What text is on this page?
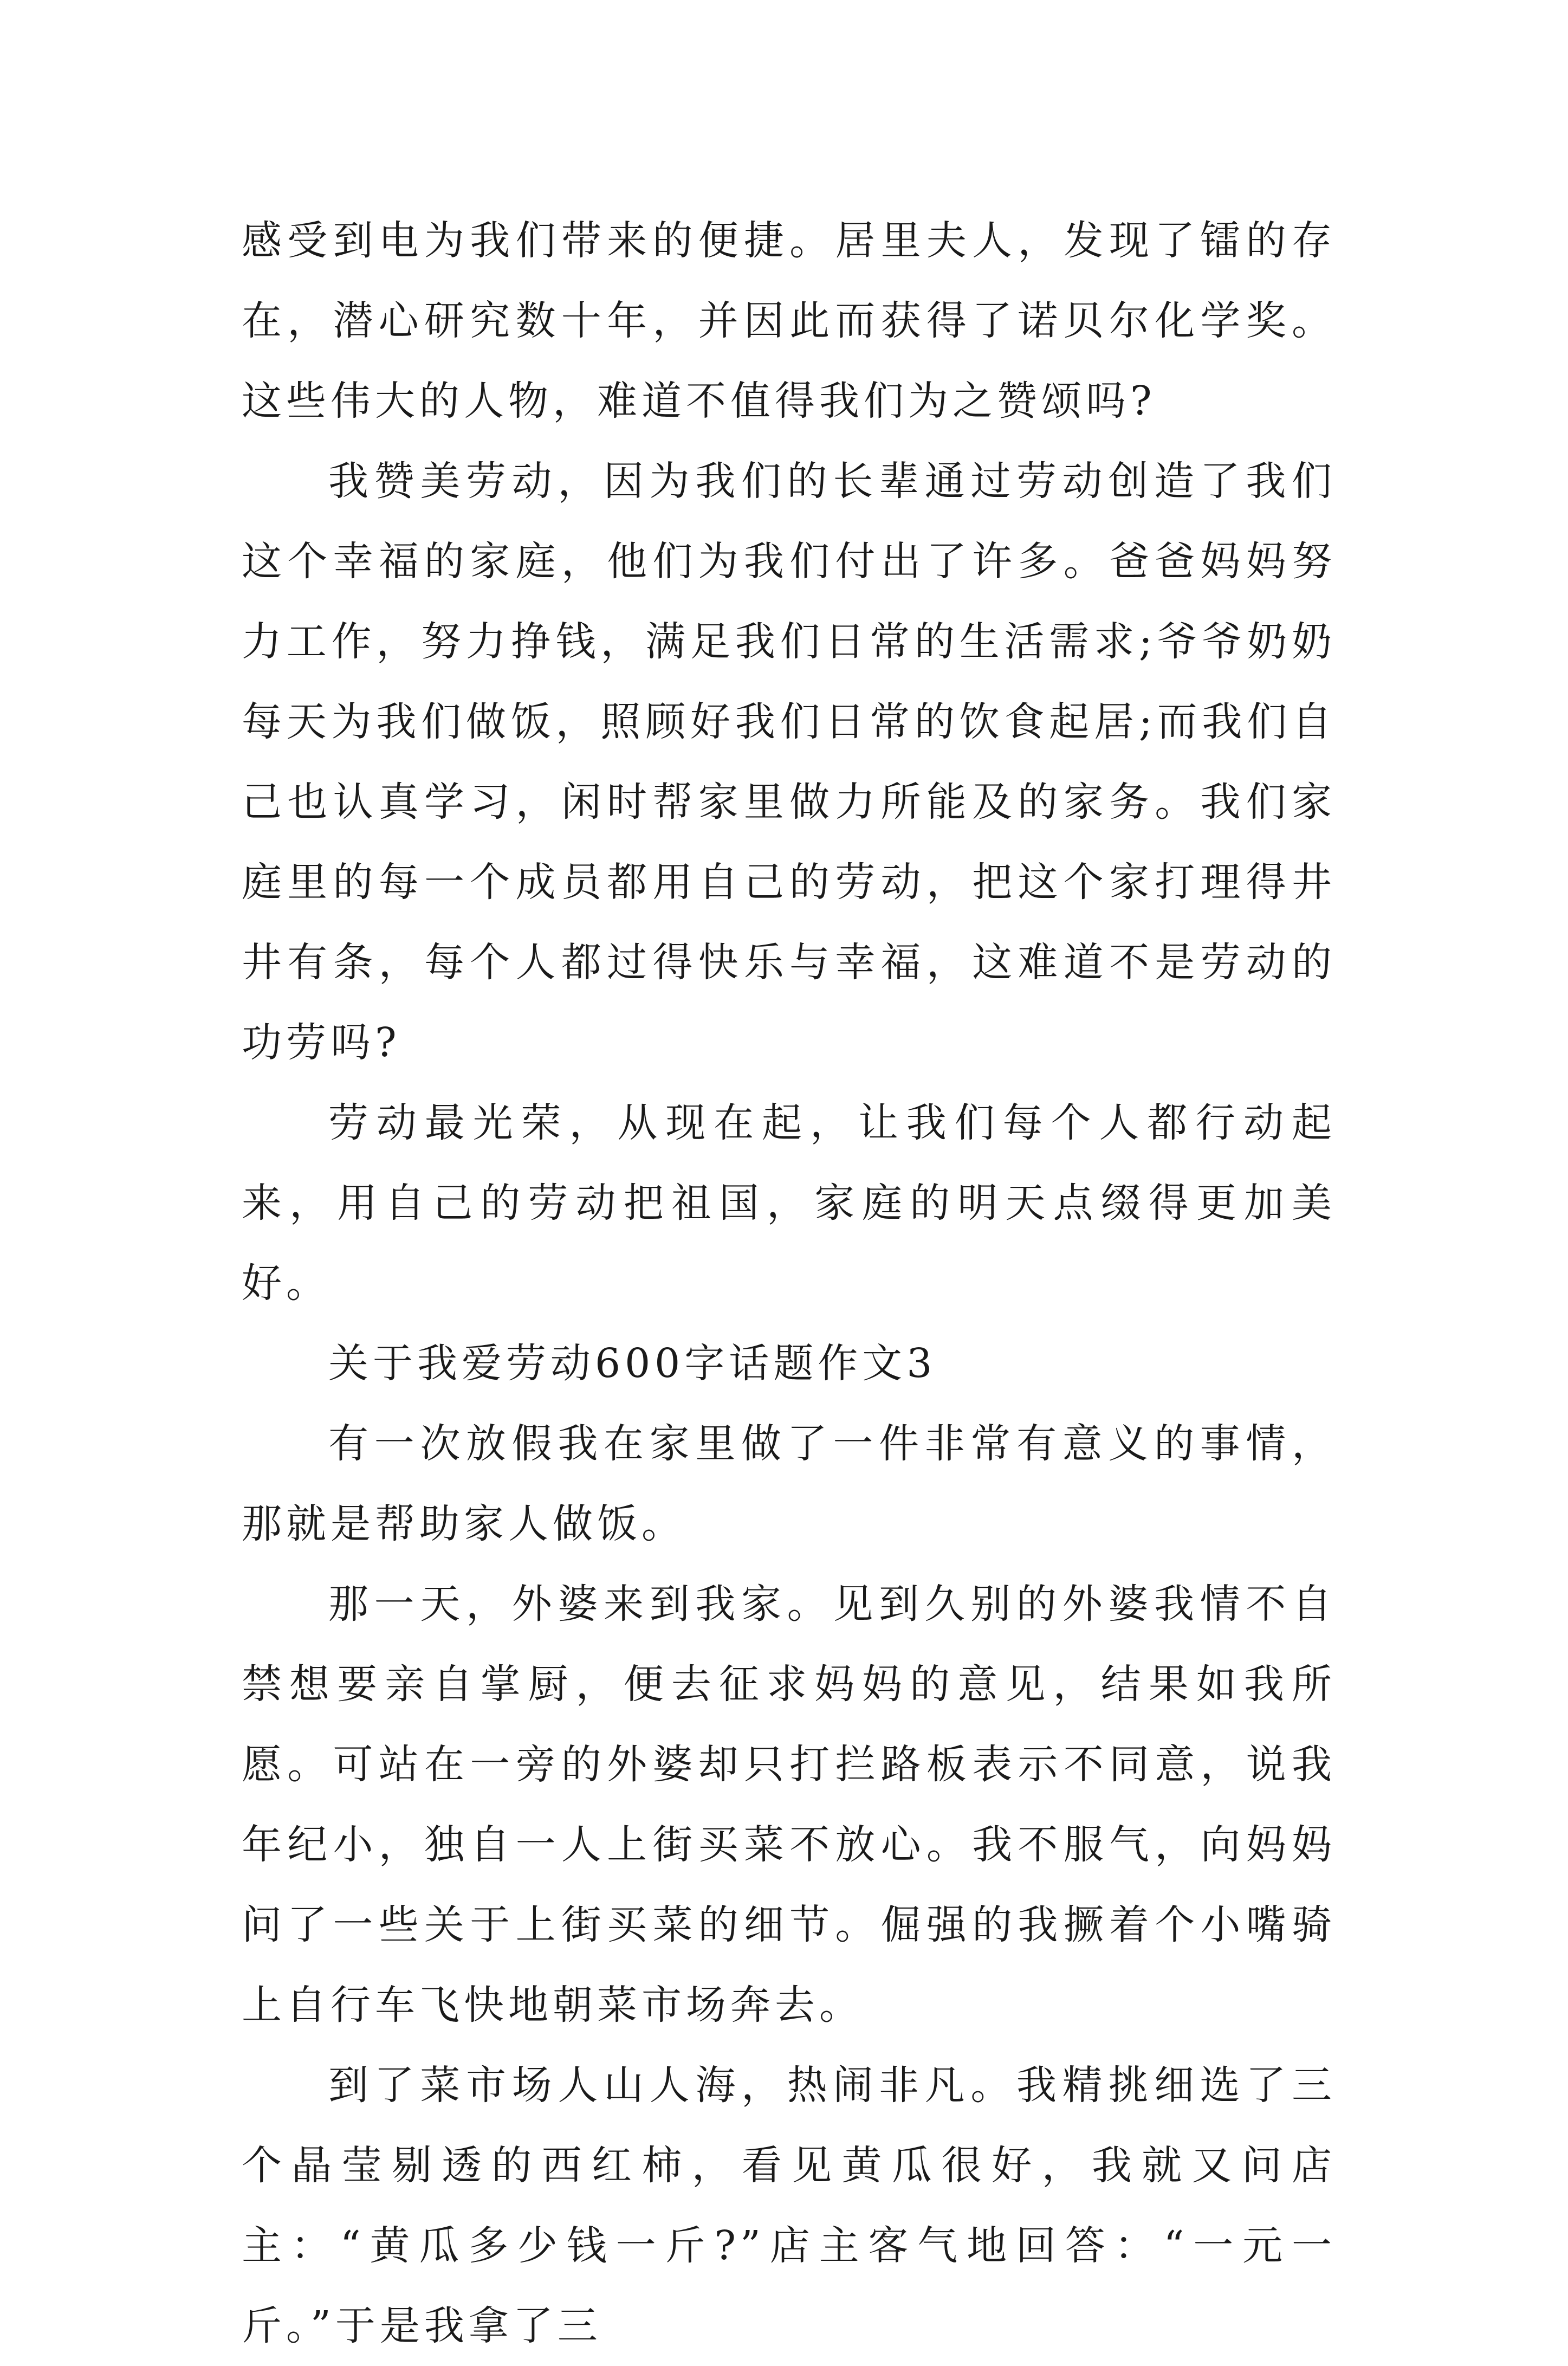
感受到电为我们带来的便捷。居里夫人，发现了镭的存在，潜心研究数十年，并因此而获得了诺贝尔化学奖。这些伟大的人物，难道不值得我们为之赞颂吗?

我赞美劳动，因为我们的长辈通过劳动创造了我们这个幸福的家庭，他们为我们付出了许多。爸爸妈妈努力工作，努力挣钱，满足我们日常的生活需求;爷爷奶奶每天为我们做饭，照顾好我们日常的饮食起居;而我们自己也认真学习，闲时帮家里做力所能及的家务。我们家庭里的每一个成员都用自己的劳动，把这个家打理得井井有条，每个人都过得快乐与幸福，这难道不是劳动的功劳吗?

劳动最光荣，从现在起，让我们每个人都行动起来，用自己的劳动把祖国，家庭的明天点缀得更加美好。

关于我爱劳动600字话题作文3

有一次放假我在家里做了一件非常有意义的事情，那就是帮助家人做饭。

那一天，外婆来到我家。见到久别的外婆我情不自禁想要亲自掌厨，便去征求妈妈的意见，结果如我所愿。可站在一旁的外婆却只打拦路板表示不同意，说我年纪小，独自一人上街买菜不放心。我不服气，向妈妈问了一些关于上街买菜的细节。倔强的我撅着个小嘴骑上自行车飞快地朝菜市场奔去。

到了菜市场人山人海，热闹非凡。我精挑细选了三个晶莹剔透的西红柿，看见黄瓜很好，我就又问店主：“黄瓜多少钱一斤?”店主客气地回答：“一元一斤。”于是我拿了三
